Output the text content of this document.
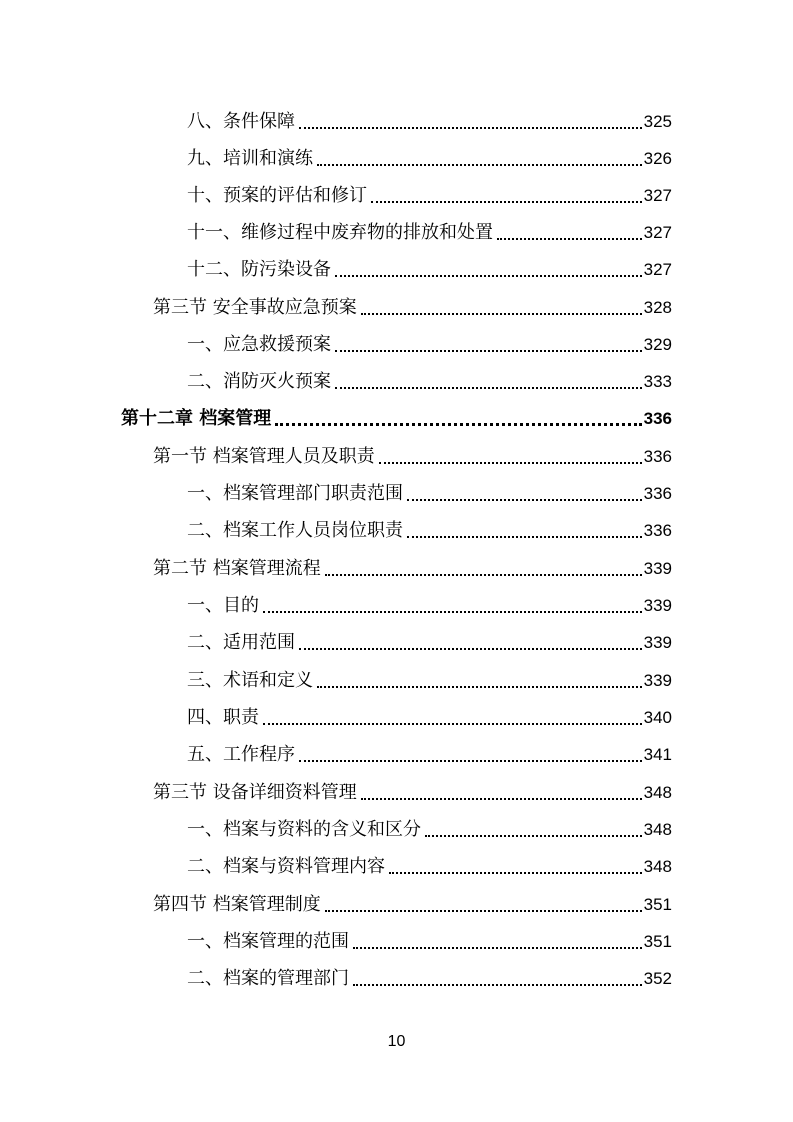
八、条件保障	325
九、培训和演练	326
十、预案的评估和修订	327
十一、维修过程中废弃物的排放和处置	327
十二、防污染设备	327
第三节 安全事故应急预案	328
一、应急救援预案	329
二、消防灭火预案	333
第十二章 档案管理	336
第一节 档案管理人员及职责	336
一、档案管理部门职责范围	336
二、档案工作人员岗位职责	336
第二节 档案管理流程	339
一、目的	339
二、适用范围	339
三、术语和定义	339
四、职责	340
五、工作程序	341
第三节 设备详细资料管理	348
一、档案与资料的含义和区分	348
二、档案与资料管理内容	348
第四节 档案管理制度	351
一、档案管理的范围	351
二、档案的管理部门	352
10
